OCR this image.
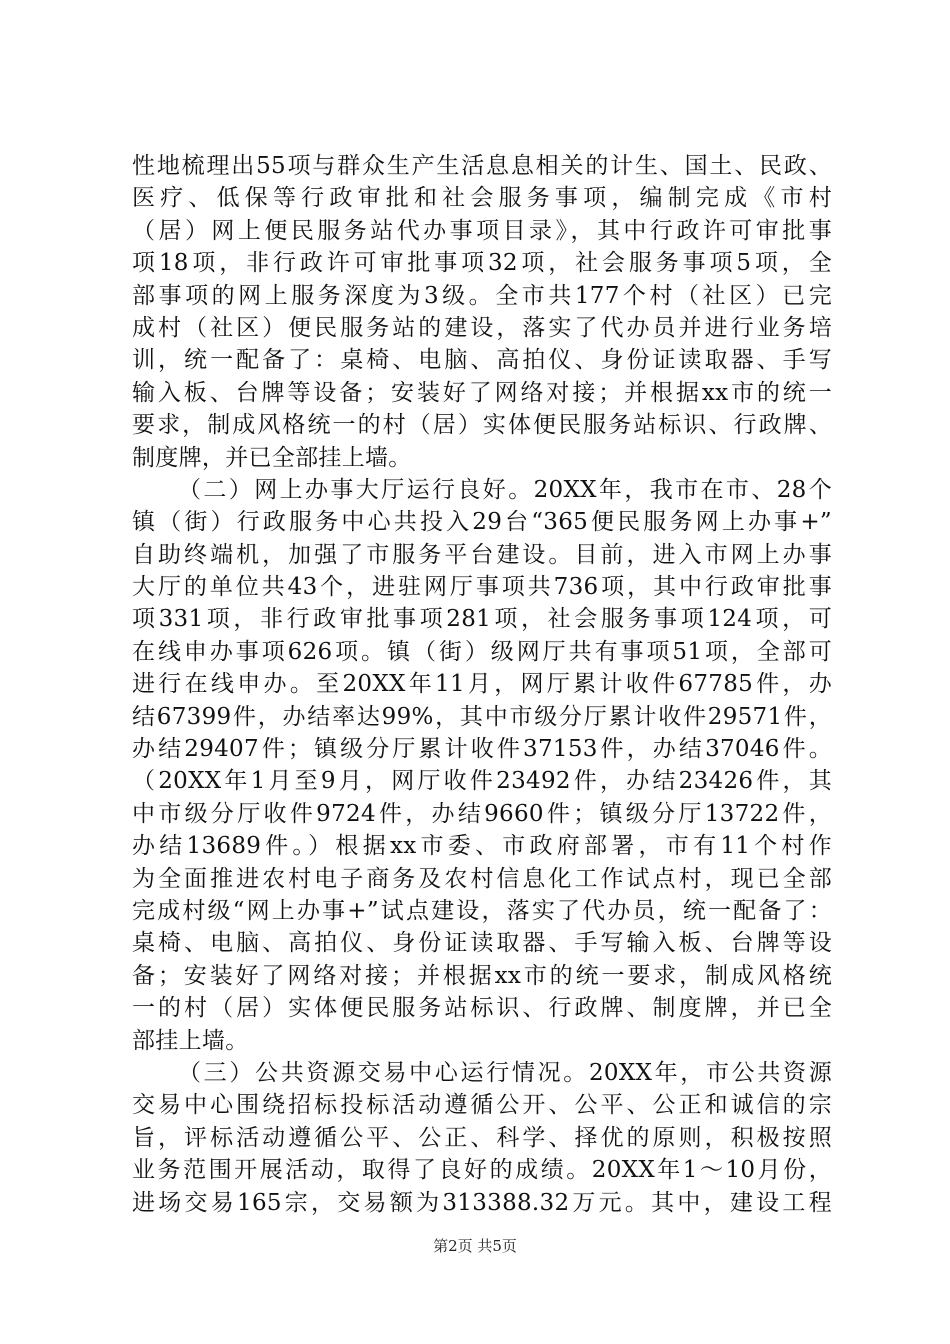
性地梳理出55项与群众生产生活息息相关的计生、国土、民政、
医疗、低保等行政审批和社会服务事项，编制完成《市村
（居）网上便民服务站代办事项目录》，其中行政许可审批事
项18项，非行政许可审批事项32项，社会服务事项5项，全
部事项的网上服务深度为3级。全市共177个村（社区）已完
成村（社区）便民服务站的建设，落实了代办员并进行业务培
训，统一配备了：桌椅、电脑、高拍仪、身份证读取器、手写
输入板、台牌等设备；安装好了网络对接；并根据xx市的统一
要求，制成风格统一的村（居）实体便民服务站标识、行政牌、
制度牌，并已全部挂上墙。
（二）网上办事大厅运行良好。20XX年，我市在市、28个
镇（街）行政服务中心共投入29台“365便民服务网上办事+”
自助终端机，加强了市服务平台建设。目前，进入市网上办事
大厅的单位共43个，进驻网厅事项共736项，其中行政审批事
项331项，非行政审批事项281项，社会服务事项124项，可
在线申办事项626项。镇（街）级网厅共有事项51项，全部可
进行在线申办。至20XX年11月，网厅累计收件67785件，办
结67399件，办结率达99%，其中市级分厅累计收件29571件，
办结29407件；镇级分厅累计收件37153件，办结37046件。
（20XX年1月至9月，网厅收件23492件，办结23426件，其
中市级分厅收件9724件，办结9660件；镇级分厅13722件，
办结13689件。）根据xx市委、市政府部署，市有11个村作
为全面推进农村电子商务及农村信息化工作试点村，现已全部
完成村级“网上办事+”试点建设，落实了代办员，统一配备了：
桌椅、电脑、高拍仪、身份证读取器、手写输入板、台牌等设
备；安装好了网络对接；并根据xx市的统一要求，制成风格统
一的村（居）实体便民服务站标识、行政牌、制度牌，并已全
部挂上墙。
（三）公共资源交易中心运行情况。20XX年，市公共资源
交易中心围绕招标投标活动遵循公开、公平、公正和诚信的宗
旨，评标活动遵循公平、公正、科学、择优的原则，积极按照
业务范围开展活动，取得了良好的成绩。20XX年1～10月份，
进场交易165宗，交易额为313388.32万元。其中，建设工程
第2页 共5页
